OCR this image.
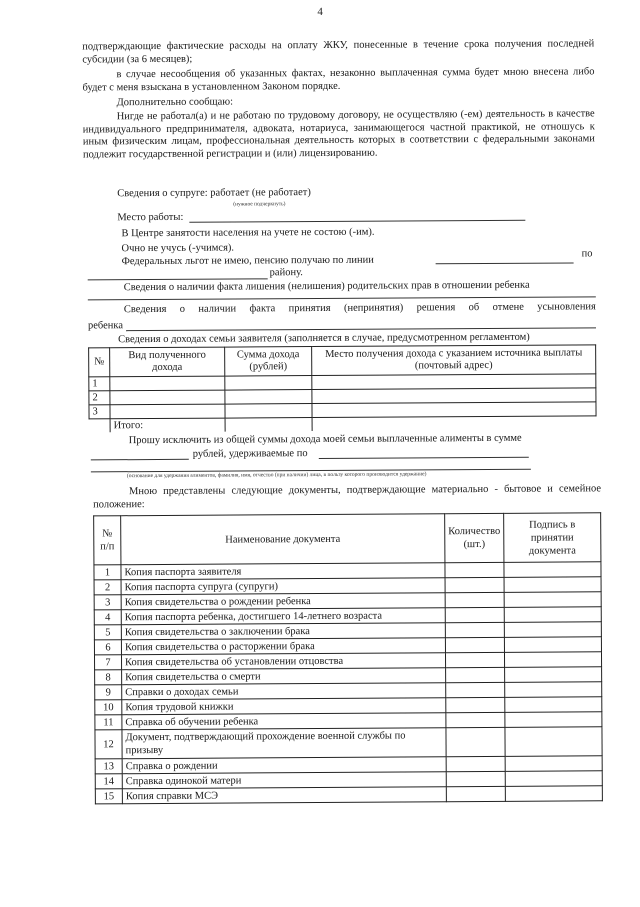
4
подтверждающие фактические расходы на оплату ЖКУ, понесенные в течение срока получения последней субсидии (за 6 месяцев);
в случае несообщения об указанных фактах, незаконно выплаченная сумма будет мною внесена либо будет с меня взыскана в установленном Законом порядке.
Дополнительно сообщаю:
Нигде не работал(а) и не работаю по трудовому договору, не осуществляю (-ем) деятельность в качестве индивидуального предпринимателя, адвоката, нотариуса, занимающегося частной практикой, не отношусь к иным физическим лицам, профессиональная деятельность которых в соответствии с федеральными законами подлежит государственной регистрации и (или) лицензированию.
Сведения о супруге: работает (не работает)
(нужное подчеркнуть)
Место работы:
В Центре занятости населения на учете не состою (-им).
Очно не учусь (-учимся).
Федеральных льгот не имею, пенсию получаю по линии
по
району.
Сведения о наличии факта лишения (нелишения) родительских прав в отношении ребенка
Сведения о наличии факта принятия (непринятия) решения об отмене усыновления
ребенка
Сведения о доходах семьи заявителя (заполняется в случае, предусмотренном регламентом)
№	Вид полученного дохода	Сумма дохода (рублей)	Место получения дохода с указанием источника выплаты (почтовый адрес)
1			
2			
3			
	Итого:		
Прошу исключить из общей суммы дохода моей семьи выплаченные алименты в сумме
рублей, удерживаемые по
(основание для удержания алиментов, фамилия, имя, отчество (при наличии) лица, в пользу которого производится удержание)
Мною представлены следующие документы, подтверждающие материально - бытовое и семейное положение:
№ п/п	Наименование документа	Количество (шт.)	Подпись в принятии документа
1	Копия паспорта заявителя		
2	Копия паспорта супруга (супруги)		
3	Копия свидетельства о рождении ребенка		
4	Копия паспорта ребенка, достигшего 14-летнего возраста		
5	Копия свидетельства о заключении брака		
6	Копия свидетельства о расторжении брака		
7	Копия свидетельства об установлении отцовства		
8	Копия свидетельства о смерти		
9	Справки о доходах семьи		
10	Копия трудовой книжки		
11	Справка об обучении ребенка		
12	Документ, подтверждающий прохождение военной службы по призыву		
13	Справка о рождении		
14	Справка одинокой матери		
15	Копия справки МСЭ		
